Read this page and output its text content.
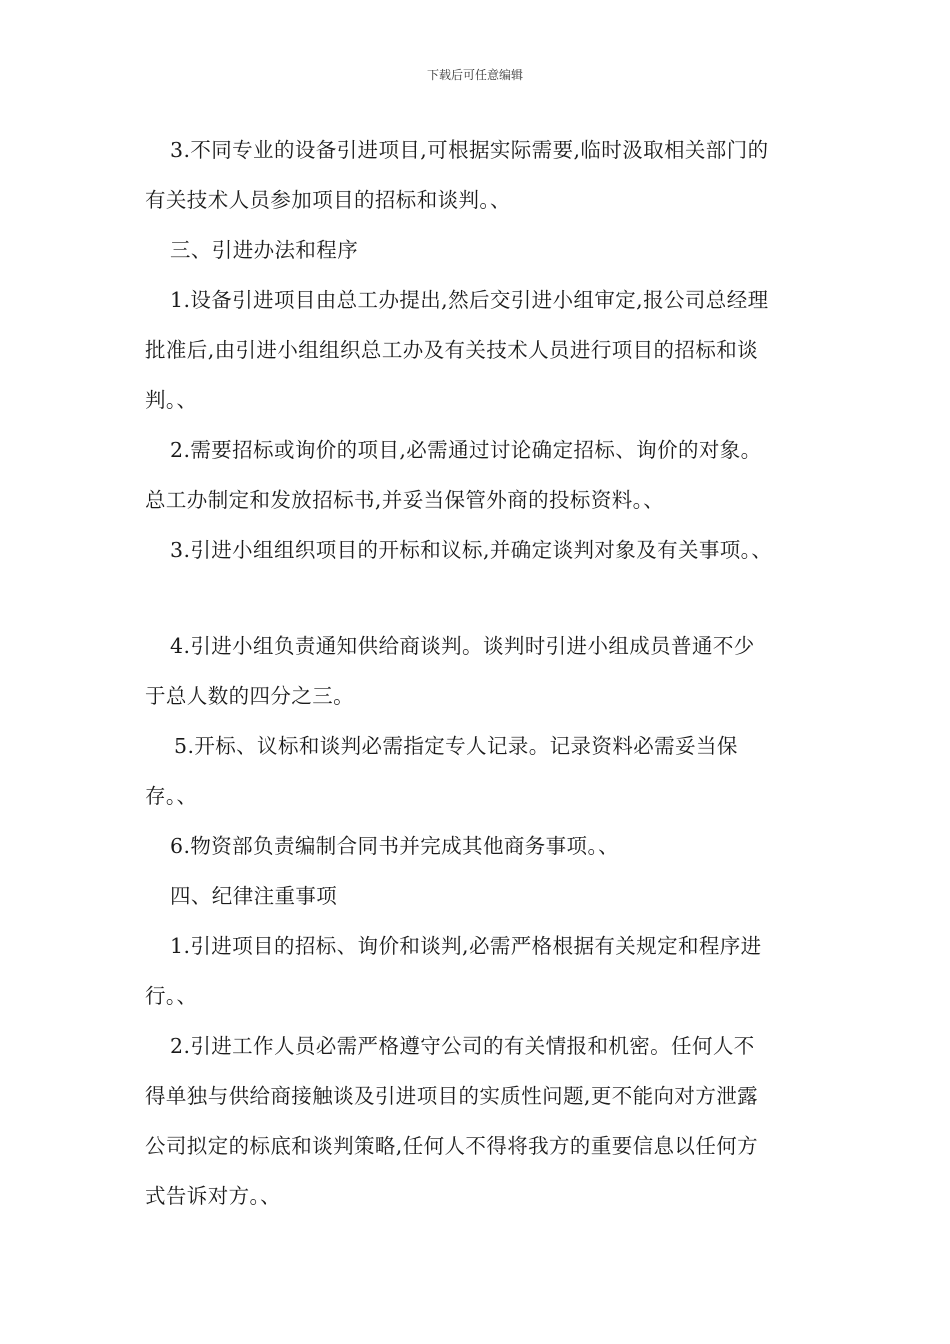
下载后可任意编辑
3.不同专业的设备引进项目,可根据实际需要,临时汲取相关部门的
有关技术人员参加项目的招标和谈判。、
三、引进办法和程序
1.设备引进项目由总工办提出,然后交引进小组审定,报公司总经理
批准后,由引进小组组织总工办及有关技术人员进行项目的招标和谈
判。、
2.需要招标或询价的项目,必需通过讨论确定招标、询价的对象。
总工办制定和发放招标书,并妥当保管外商的投标资料。、
3.引进小组组织项目的开标和议标,并确定谈判对象及有关事项。、
4.引进小组负责通知供给商谈判。谈判时引进小组成员普通不少
于总人数的四分之三。
5.开标、议标和谈判必需指定专人记录。记录资料必需妥当保
存。、
6.物资部负责编制合同书并完成其他商务事项。、
四、纪律注重事项
1.引进项目的招标、询价和谈判,必需严格根据有关规定和程序进
行。、
2.引进工作人员必需严格遵守公司的有关情报和机密。任何人不
得单独与供给商接触谈及引进项目的实质性问题,更不能向对方泄露
公司拟定的标底和谈判策略,任何人不得将我方的重要信息以任何方
式告诉对方。、
